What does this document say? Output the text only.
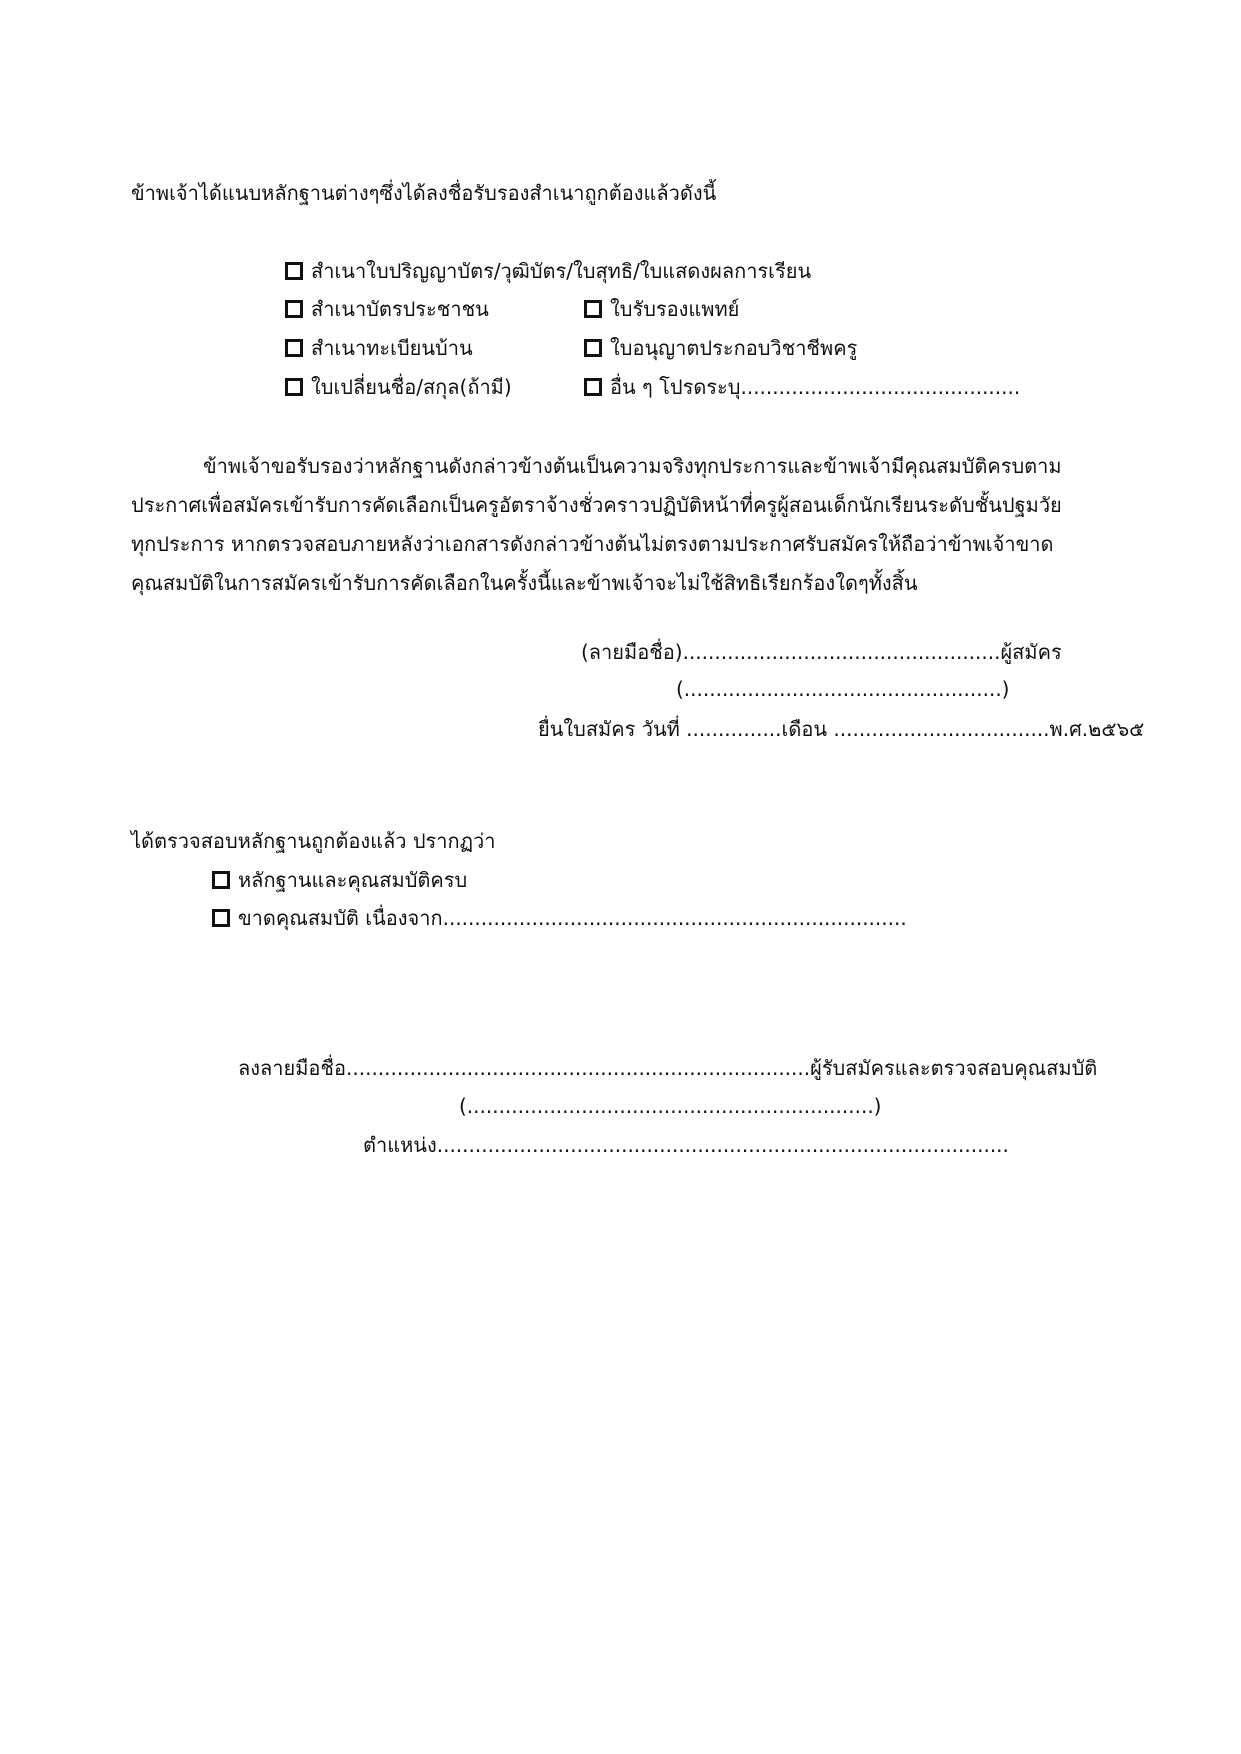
ข้าพเจ้าได้แนบหลักฐานต่างๆซึ่งได้ลงชื่อรับรองสำเนาถูกต้องแล้วดังนี้
สำเนาใบปริญญาบัตร/วุฒิบัตร/ใบสุทธิ/ใบแสดงผลการเรียน
สำเนาบัตรประชาชน	ใบรับรองแพทย์
สำเนาทะเบียนบ้าน	ใบอนุญาตประกอบวิชาชีพครู
ใบเปลี่ยนชื่อ/สกุล(ถ้ามี)	อื่น ๆ โปรดระบุ............................................
ข้าพเจ้าขอรับรองว่าหลักฐานดังกล่าวข้างต้นเป็นความจริงทุกประการและข้าพเจ้ามีคุณสมบัติครบตาม
ประกาศเพื่อสมัครเข้ารับการคัดเลือกเป็นครูอัตราจ้างชั่วคราวปฏิบัติหน้าที่ครูผู้สอนเด็กนักเรียนระดับชั้นปฐมวัย
ทุกประการ หากตรวจสอบภายหลังว่าเอกสารดังกล่าวข้างต้นไม่ตรงตามประกาศรับสมัครให้ถือว่าข้าพเจ้าขาด
คุณสมบัติในการสมัครเข้ารับการคัดเลือกในครั้งนี้และข้าพเจ้าจะไม่ใช้สิทธิเรียกร้องใดๆทั้งสิ้น
(ลายมือชื่อ)..................................................ผู้สมัคร
(..................................................)
ยื่นใบสมัคร วันที่ ...............เดือน ..................................พ.ศ.๒๕๖๕
ได้ตรวจสอบหลักฐานถูกต้องแล้ว ปรากฏว่า
หลักฐานและคุณสมบัติครบ
ขาดคุณสมบัติ เนื่องจาก.........................................................................
ลงลายมือชื่อ.........................................................................ผู้รับสมัครและตรวจสอบคุณสมบัติ
(................................................................)
ตำแหน่ง..........................................................................................
